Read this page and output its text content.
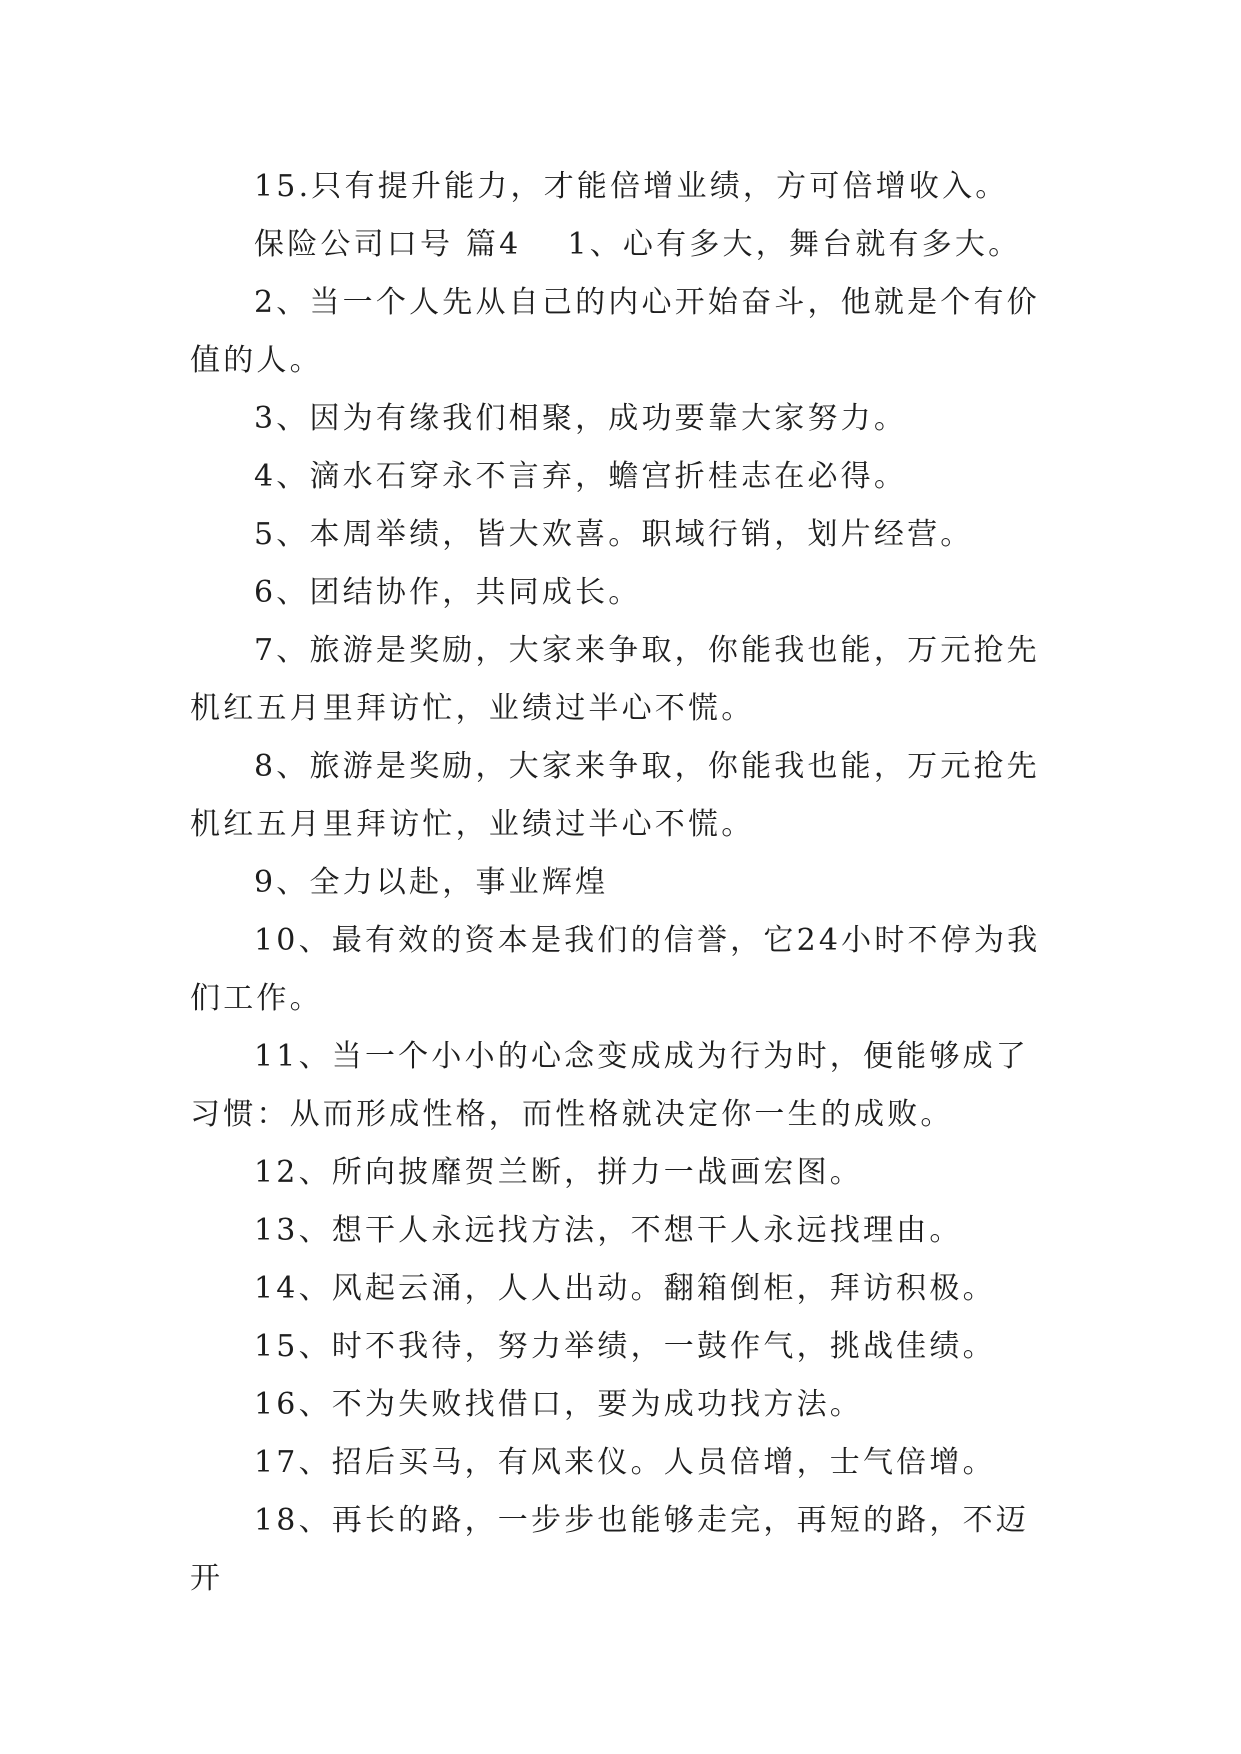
15.只有提升能力，才能倍增业绩，方可倍增收入。

保险公司口号 篇4 1、心有多大，舞台就有多大。

2、当一个人先从自己的内心开始奋斗，他就是个有价值的人。

3、因为有缘我们相聚，成功要靠大家努力。

4、滴水石穿永不言弃，蟾宫折桂志在必得。

5、本周举绩，皆大欢喜。职域行销，划片经营。

6、团结协作，共同成长。

7、旅游是奖励，大家来争取，你能我也能，万元抢先机红五月里拜访忙，业绩过半心不慌。

8、旅游是奖励，大家来争取，你能我也能，万元抢先机红五月里拜访忙，业绩过半心不慌。

9、全力以赴，事业辉煌

10、最有效的资本是我们的信誉，它24小时不停为我们工作。

11、当一个小小的心念变成成为行为时，便能够成了习惯：从而形成性格，而性格就决定你一生的成败。

12、所向披靡贺兰断，拼力一战画宏图。

13、想干人永远找方法，不想干人永远找理由。

14、风起云涌，人人出动。翻箱倒柜，拜访积极。

15、时不我待，努力举绩，一鼓作气，挑战佳绩。

16、不为失败找借口，要为成功找方法。

17、招后买马，有风来仪。人员倍增，士气倍增。

18、再长的路，一步步也能够走完，再短的路，不迈开
